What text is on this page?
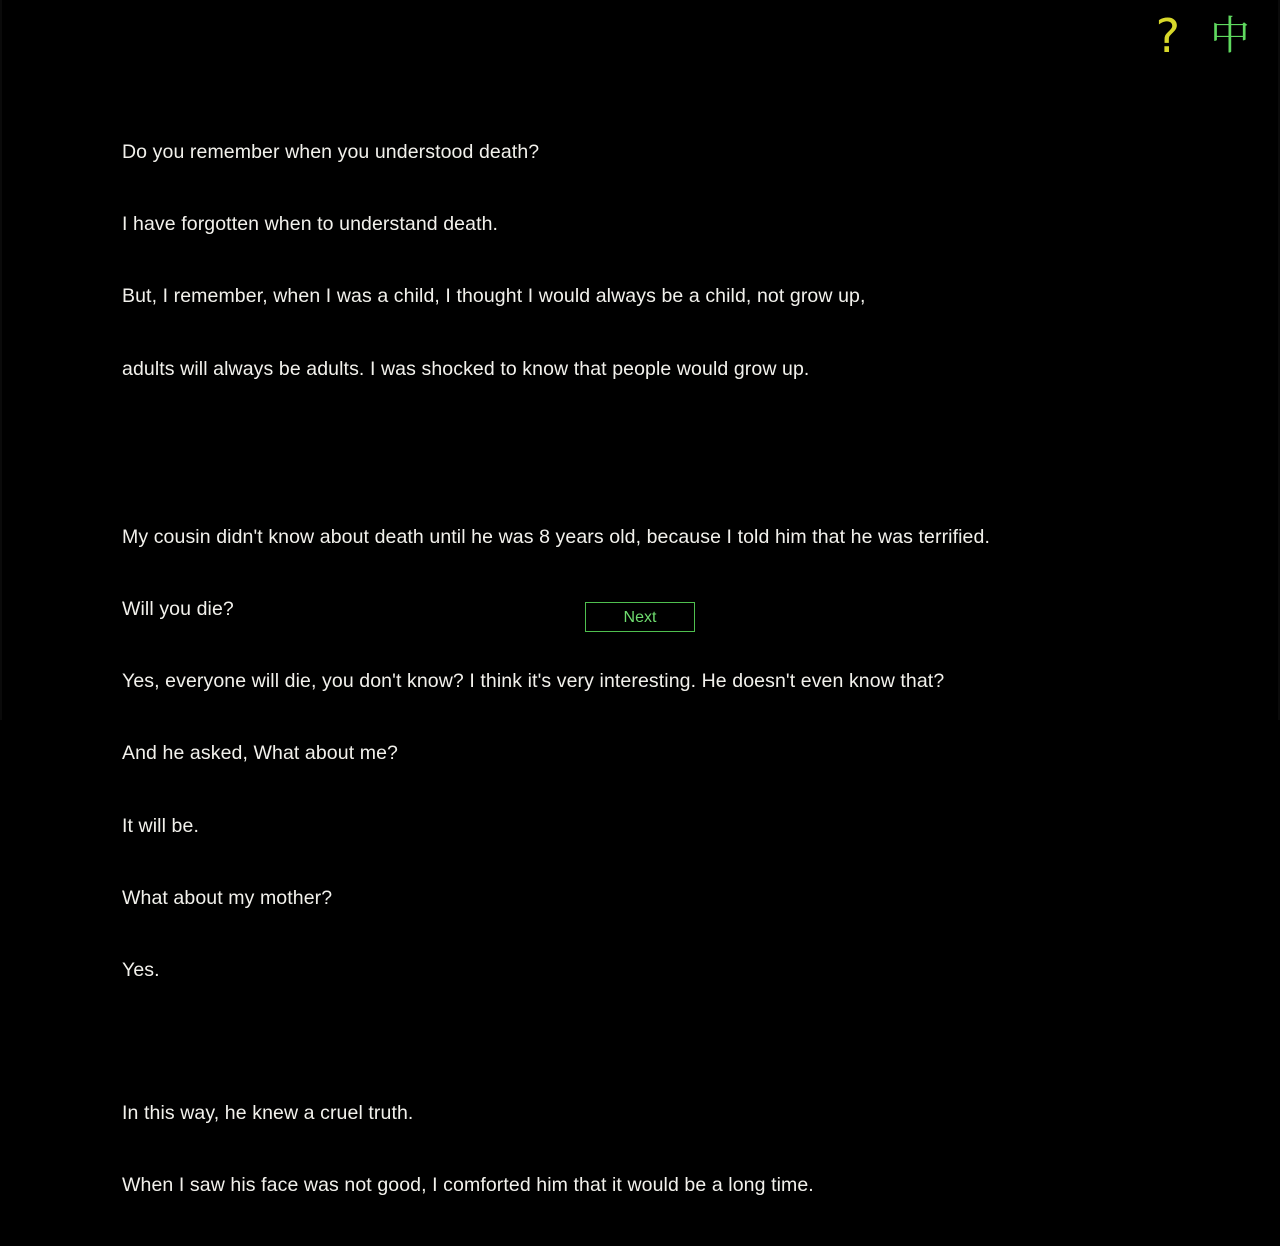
? 中

Do you remember when you understood death?

I have forgotten when to understand death.

But, I remember, when I was a child, I thought I would always be a child, not grow up,

adults will always be adults. I was shocked to know that people would grow up.

My cousin didn't know about death until he was 8 years old, because I told him that he was terrified.

Will you die?

Yes, everyone will die, you don't know? I think it's very interesting. He doesn't even know that?

And he asked, What about me?

It will be.

What about my mother?

Yes.

In this way, he knew a cruel truth.

When I saw his face was not good, I comforted him that it would be a long time.

Next
